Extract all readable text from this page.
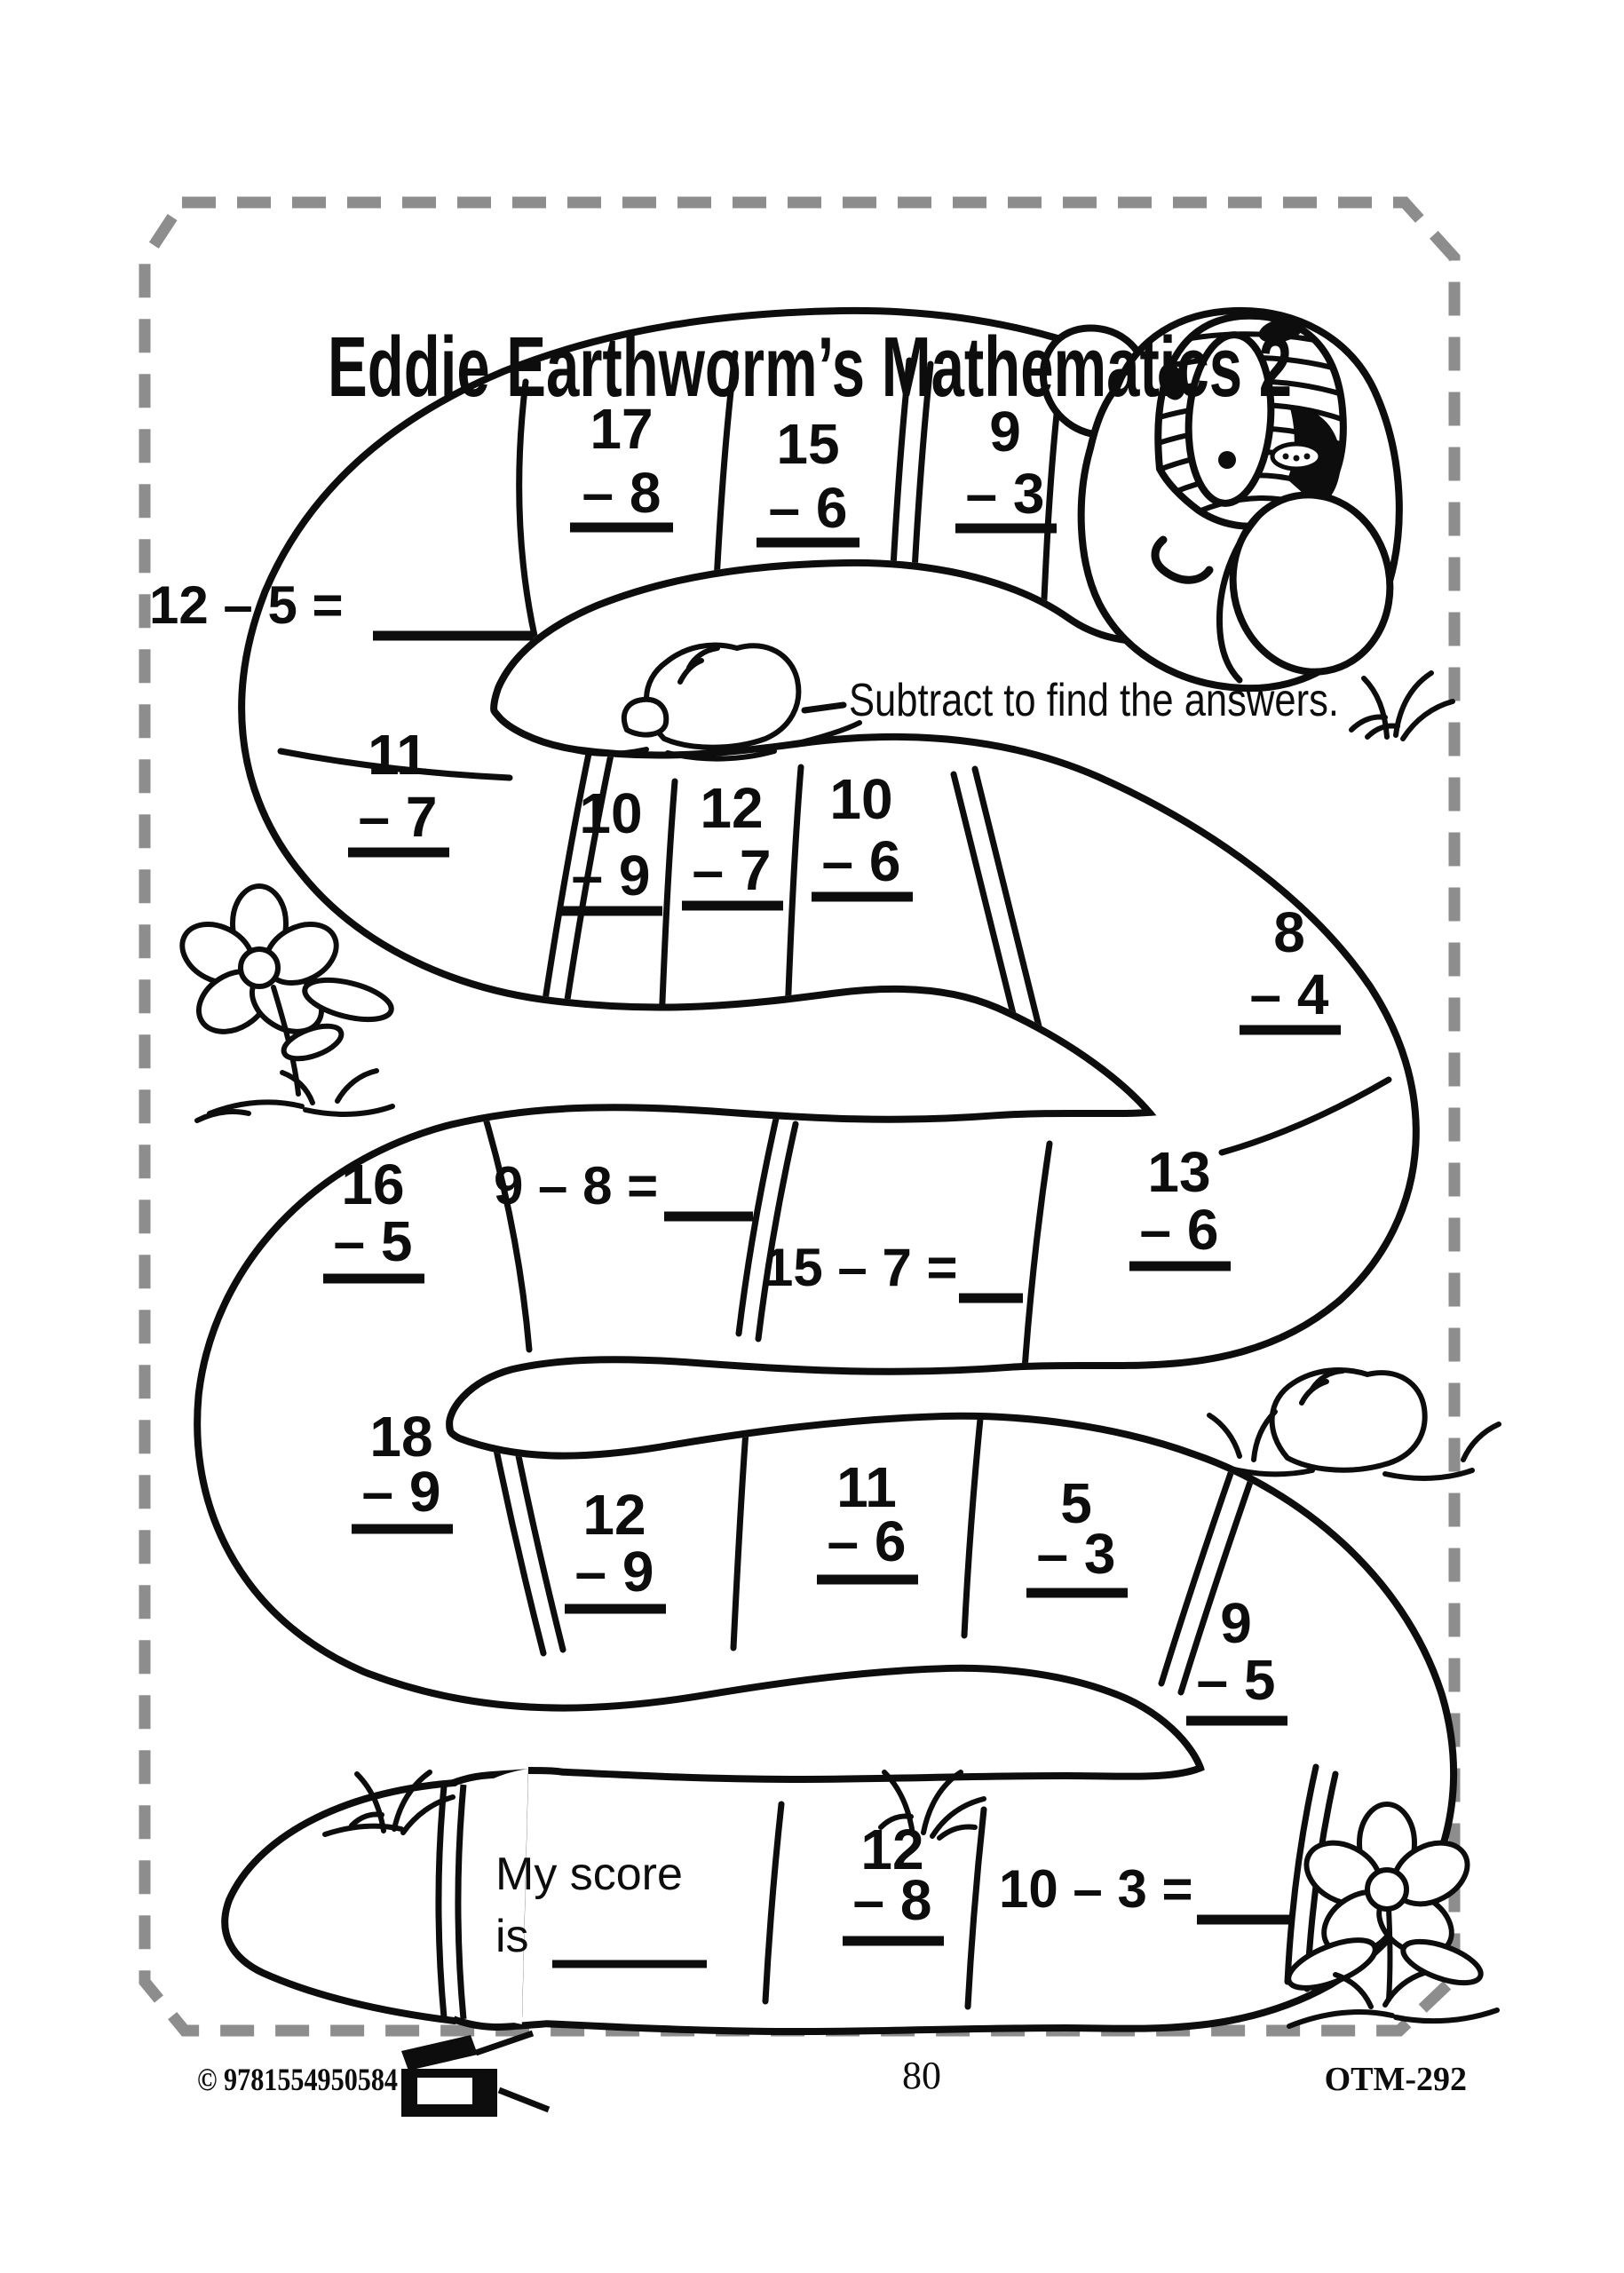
Eddie Earthworm’s Mathematics 2
Subtract to find the answers.
12 – 5 =
9 – 8 =
15 – 7 =
10 – 3 =
17
– 8
15
– 6
9
– 3
11
– 7 10
– 9
12
– 7
10
– 6
8
– 4
16
– 5
13
– 6
18
– 9 12
– 9
11
– 6
5
– 3
9
– 5
12
– 8
My score
is
© 9781554950584	80	OTM-292
